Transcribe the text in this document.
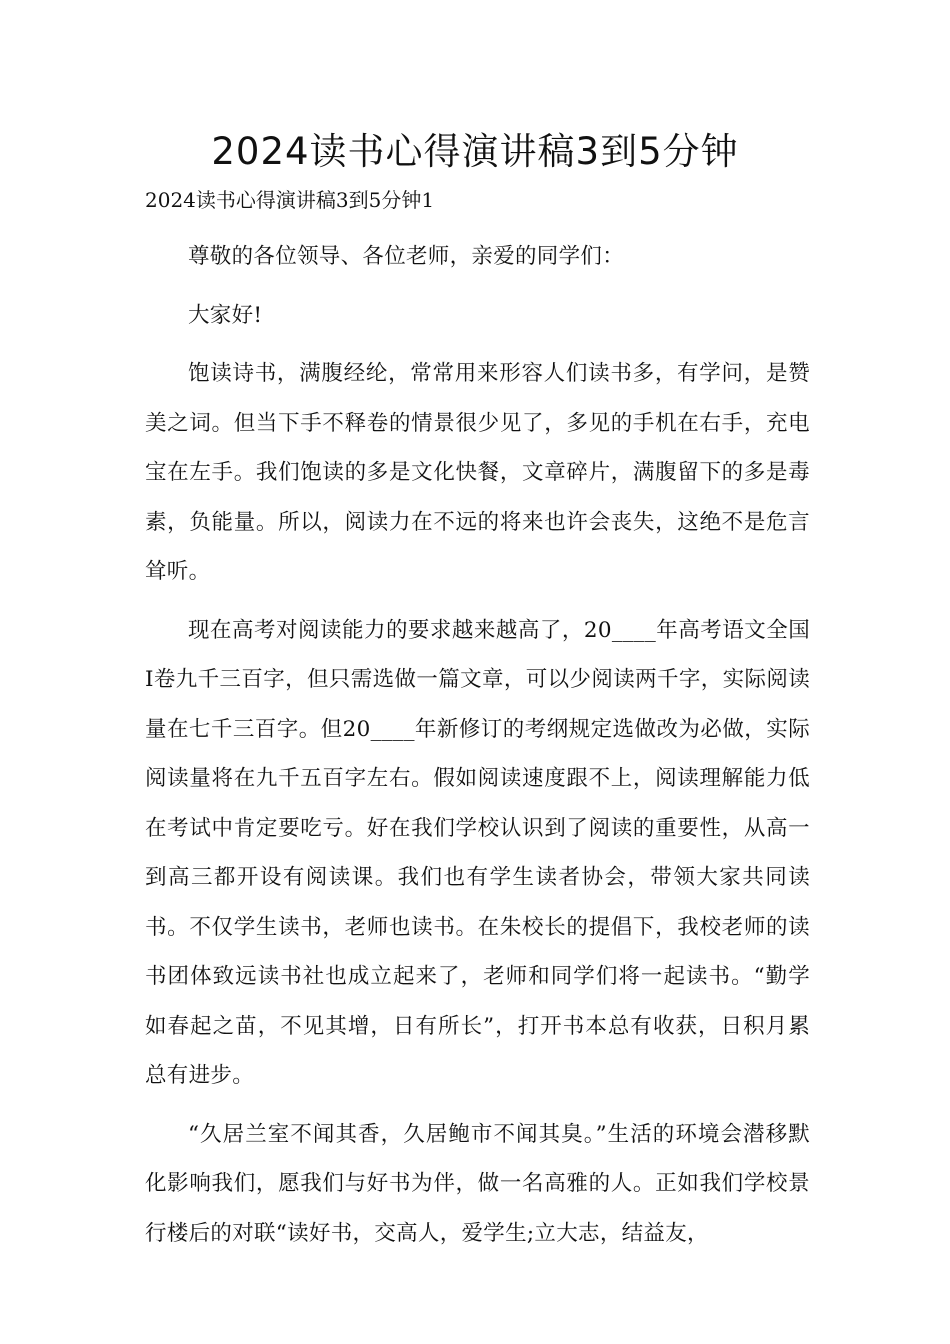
2024读书心得演讲稿3到5分钟

2024读书心得演讲稿3到5分钟1

尊敬的各位领导、各位老师，亲爱的同学们：

大家好!

饱读诗书，满腹经纶，常常用来形容人们读书多，有学问，是赞美之词。但当下手不释卷的情景很少见了，多见的手机在右手，充电宝在左手。我们饱读的多是文化快餐，文章碎片，满腹留下的多是毒素，负能量。所以，阅读力在不远的将来也许会丧失，这绝不是危言耸听。

现在高考对阅读能力的要求越来越高了，20____年高考语文全国Ⅰ卷九千三百字，但只需选做一篇文章，可以少阅读两千字，实际阅读量在七千三百字。但20____年新修订的考纲规定选做改为必做，实际阅读量将在九千五百字左右。假如阅读速度跟不上，阅读理解能力低在考试中肯定要吃亏。好在我们学校认识到了阅读的重要性，从高一到高三都开设有阅读课。我们也有学生读者协会，带领大家共同读书。不仅学生读书，老师也读书。在朱校长的提倡下，我校老师的读书团体致远读书社也成立起来了，老师和同学们将一起读书。“勤学如春起之苗，不见其增，日有所长”，打开书本总有收获，日积月累总有进步。

“久居兰室不闻其香，久居鲍市不闻其臭。”生活的环境会潜移默化影响我们，愿我们与好书为伴，做一名高雅的人。正如我们学校景行楼后的对联“读好书，交高人，爱学生;立大志，结益友，
